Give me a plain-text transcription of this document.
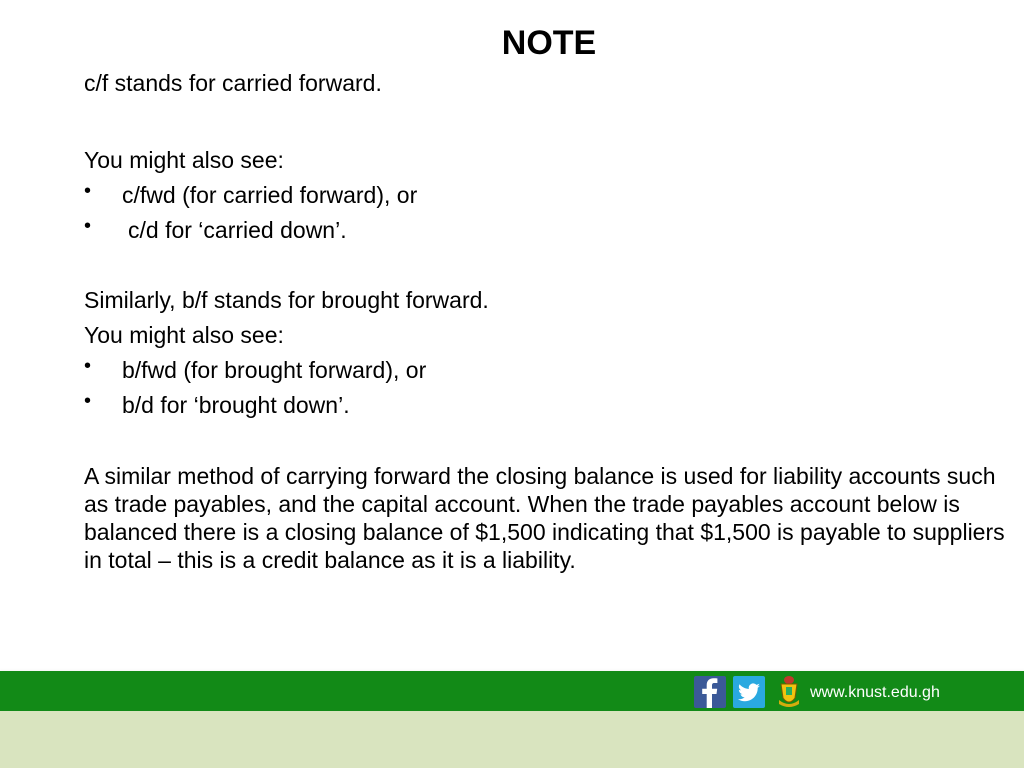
NOTE
c/f stands for carried forward.
You might also see:
• c/fwd (for carried forward), or
• c/d for ‘carried down’.
Similarly, b/f stands for brought forward.
You might also see:
• b/fwd (for brought forward), or
• b/d for ‘brought down’.
A similar method of carrying forward the closing balance is used for liability accounts such as trade payables, and the capital account. When the trade payables account below is balanced there is a closing balance of $1,500 indicating that $1,500 is payable to suppliers in total – this is a credit balance as it is a liability.
www.knust.edu.gh
